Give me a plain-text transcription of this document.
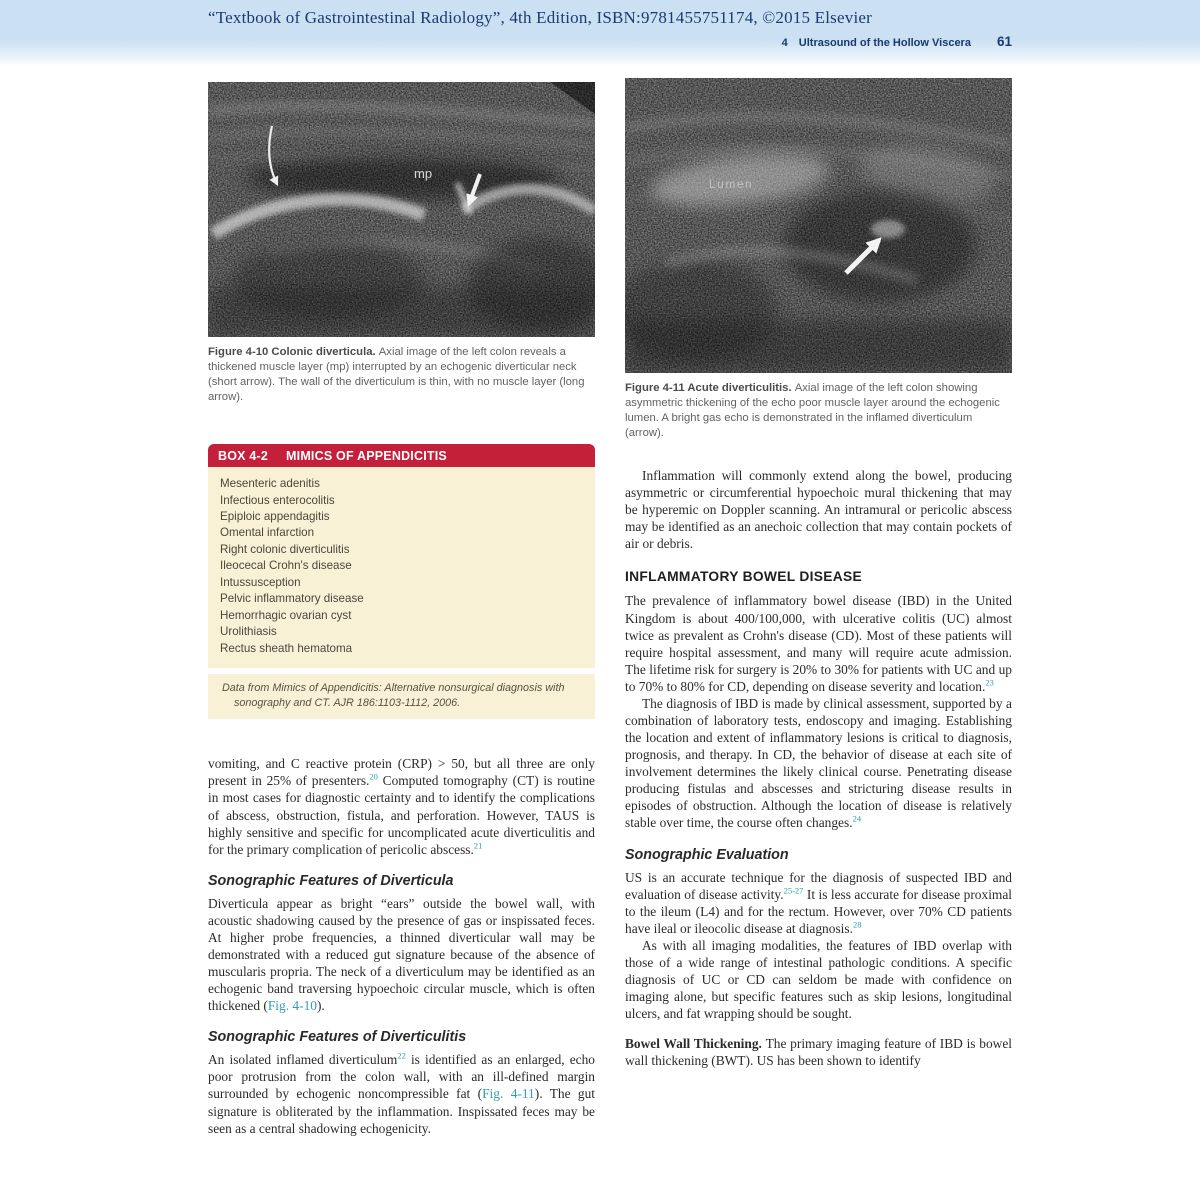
“Textbook of Gastrointestinal Radiology”, 4th Edition, ISBN:9781455751174, ©2015 Elsevier
4 Ultrasound of the Hollow Viscera 61
mp
Figure 4-10 Colonic diverticula. Axial image of the left colon reveals a thickened muscle layer (mp) interrupted by an echogenic diverticular neck (short arrow). The wall of the diverticulum is thin, with no muscle layer (long arrow).
BOX 4-2 MIMICS OF APPENDICITIS
Mesenteric adenitis
Infectious enterocolitis
Epiploic appendagitis
Omental infarction
Right colonic diverticulitis
Ileocecal Crohn's disease
Intussusception
Pelvic inflammatory disease
Hemorrhagic ovarian cyst
Urolithiasis
Rectus sheath hematoma
Data from Mimics of Appendicitis: Alternative nonsurgical diagnosis with sonography and CT. AJR 186:1103-1112, 2006.

vomiting, and C reactive protein (CRP) > 50, but all three are only present in 25% of presenters.$^{20}$ Computed tomography (CT) is routine in most cases for diagnostic certainty and to identify the complications of abscess, obstruction, fistula, and perforation. However, TAUS is highly sensitive and specific for uncomplicated acute diverticulitis and for the primary complication of pericolic abscess.$^{21}$

Sonographic Features of Diverticula

Diverticula appear as bright “ears” outside the bowel wall, with acoustic shadowing caused by the presence of gas or inspissated feces. At higher probe frequencies, a thinned diverticular wall may be demonstrated with a reduced gut signature because of the absence of muscularis propria. The neck of a diverticulum may be identified as an echogenic band traversing hypoechoic circular muscle, which is often thickened (Fig. 4-10).

Sonographic Features of Diverticulitis

An isolated inflamed diverticulum$^{22}$ is identified as an enlarged, echo poor protrusion from the colon wall, with an ill-defined margin surrounded by echogenic noncompressible fat (Fig. 4-11). The gut signature is obliterated by the inflammation. Inspissated feces may be seen as a central shadowing echogenicity.

Lumen
Figure 4-11 Acute diverticulitis. Axial image of the left colon showing asymmetric thickening of the echo poor muscle layer around the echogenic lumen. A bright gas echo is demonstrated in the inflamed diverticulum (arrow).

Inflammation will commonly extend along the bowel, producing asymmetric or circumferential hypoechoic mural thickening that may be hyperemic on Doppler scanning. An intramural or pericolic abscess may be identified as an anechoic collection that may contain pockets of air or debris.

INFLAMMATORY BOWEL DISEASE

The prevalence of inflammatory bowel disease (IBD) in the United Kingdom is about 400/100,000, with ulcerative colitis (UC) almost twice as prevalent as Crohn's disease (CD). Most of these patients will require hospital assessment, and many will require acute admission. The lifetime risk for surgery is 20% to 30% for patients with UC and up to 70% to 80% for CD, depending on disease severity and location.$^{23}$

The diagnosis of IBD is made by clinical assessment, supported by a combination of laboratory tests, endoscopy and imaging. Establishing the location and extent of inflammatory lesions is critical to diagnosis, prognosis, and therapy. In CD, the behavior of disease at each site of involvement determines the likely clinical course. Penetrating disease producing fistulas and abscesses and stricturing disease results in episodes of obstruction. Although the location of disease is relatively stable over time, the course often changes.$^{24}$

Sonographic Evaluation

US is an accurate technique for the diagnosis of suspected IBD and evaluation of disease activity.$^{25-27}$ It is less accurate for disease proximal to the ileum (L4) and for the rectum. However, over 70% CD patients have ileal or ileocolic disease at diagnosis.$^{28}$

As with all imaging modalities, the features of IBD overlap with those of a wide range of intestinal pathologic conditions. A specific diagnosis of UC or CD can seldom be made with confidence on imaging alone, but specific features such as skip lesions, longitudinal ulcers, and fat wrapping should be sought.

Bowel Wall Thickening. The primary imaging feature of IBD is bowel wall thickening (BWT). US has been shown to identify
